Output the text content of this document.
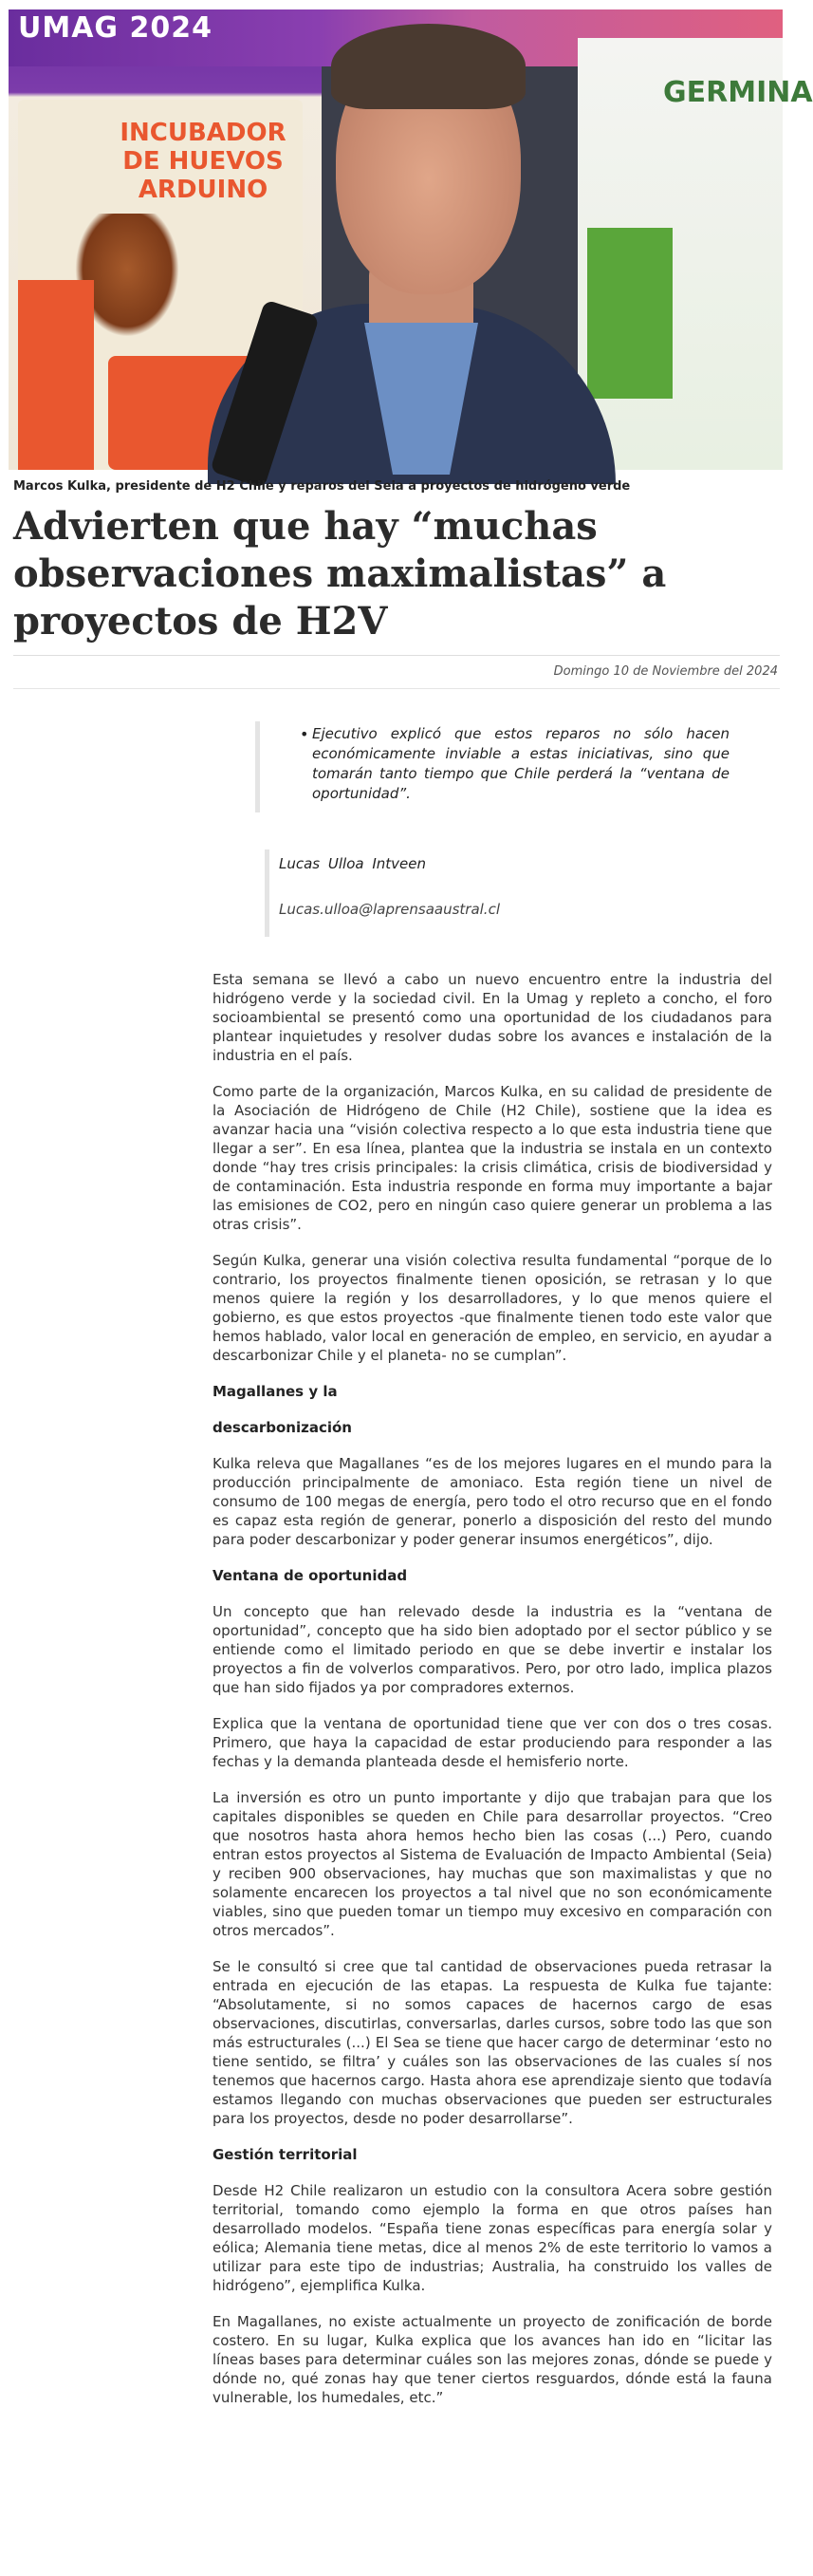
UMAG 2024
INCUBADOR DE HUEVOS ARDUINO
GERMINA
Marcos Kulka, presidente de H2 Chile y reparos del Seia a proyectos de hidrógeno verde
Advierten que hay “muchas observaciones maximalistas” a proyectos de H2V
Domingo 10 de Noviembre del 2024
• Ejecutivo explicó que estos reparos no sólo hacen económicamente inviable a estas iniciativas, sino que tomarán tanto tiempo que Chile perderá la “ventana de oportunidad”.
Lucas Ulloa Intveen
Lucas.ulloa@laprensaaustral.cl

Esta semana se llevó a cabo un nuevo encuentro entre la industria del hidrógeno verde y la sociedad civil. En la Umag y repleto a concho, el foro socioambiental se presentó como una oportunidad de los ciudadanos para plantear inquietudes y resolver dudas sobre los avances e instalación de la industria en el país.

Como parte de la organización, Marcos Kulka, en su calidad de presidente de la Asociación de Hidrógeno de Chile (H2 Chile), sostiene que la idea es avanzar hacia una “visión colectiva respecto a lo que esta industria tiene que llegar a ser”. En esa línea, plantea que la industria se instala en un contexto donde “hay tres crisis principales: la crisis climática, crisis de biodiversidad y de contaminación. Esta industria responde en forma muy importante a bajar las emisiones de CO2, pero en ningún caso quiere generar un problema a las otras crisis”.

Según Kulka, generar una visión colectiva resulta fundamental “porque de lo contrario, los proyectos finalmente tienen oposición, se retrasan y lo que menos quiere la región y los desarrolladores, y lo que menos quiere el gobierno, es que estos proyectos -que finalmente tienen todo este valor que hemos hablado, valor local en generación de empleo, en servicio, en ayudar a descarbonizar Chile y el planeta- no se cumplan”.

Magallanes y la
descarbonización

Kulka releva que Magallanes “es de los mejores lugares en el mundo para la producción principalmente de amoniaco. Esta región tiene un nivel de consumo de 100 megas de energía, pero todo el otro recurso que en el fondo es capaz esta región de generar, ponerlo a disposición del resto del mundo para poder descarbonizar y poder generar insumos energéticos”, dijo.

Ventana de oportunidad

Un concepto que han relevado desde la industria es la “ventana de oportunidad”, concepto que ha sido bien adoptado por el sector público y se entiende como el limitado periodo en que se debe invertir e instalar los proyectos a fin de volverlos comparativos. Pero, por otro lado, implica plazos que han sido fijados ya por compradores externos.

Explica que la ventana de oportunidad tiene que ver con dos o tres cosas. Primero, que haya la capacidad de estar produciendo para responder a las fechas y la demanda planteada desde el hemisferio norte.

La inversión es otro un punto importante y dijo que trabajan para que los capitales disponibles se queden en Chile para desarrollar proyectos. “Creo que nosotros hasta ahora hemos hecho bien las cosas (...) Pero, cuando entran estos proyectos al Sistema de Evaluación de Impacto Ambiental (Seia) y reciben 900 observaciones, hay muchas que son maximalistas y que no solamente encarecen los proyectos a tal nivel que no son económicamente viables, sino que pueden tomar un tiempo muy excesivo en comparación con otros mercados”.

Se le consultó si cree que tal cantidad de observaciones pueda retrasar la entrada en ejecución de las etapas. La respuesta de Kulka fue tajante: “Absolutamente, si no somos capaces de hacernos cargo de esas observaciones, discutirlas, conversarlas, darles cursos, sobre todo las que son más estructurales (...) El Sea se tiene que hacer cargo de determinar ‘esto no tiene sentido, se filtra’ y cuáles son las observaciones de las cuales sí nos tenemos que hacernos cargo. Hasta ahora ese aprendizaje siento que todavía estamos llegando con muchas observaciones que pueden ser estructurales para los proyectos, desde no poder desarrollarse”.

Gestión territorial

Desde H2 Chile realizaron un estudio con la consultora Acera sobre gestión territorial, tomando como ejemplo la forma en que otros países han desarrollado modelos. “España tiene zonas específicas para energía solar y eólica; Alemania tiene metas, dice al menos 2% de este territorio lo vamos a utilizar para este tipo de industrias; Australia, ha construido los valles de hidrógeno”, ejemplifica Kulka.

En Magallanes, no existe actualmente un proyecto de zonificación de borde costero. En su lugar, Kulka explica que los avances han ido en “licitar las líneas bases para determinar cuáles son las mejores zonas, dónde se puede y dónde no, qué zonas hay que tener ciertos resguardos, dónde está la fauna vulnerable, los humedales, etc.”
